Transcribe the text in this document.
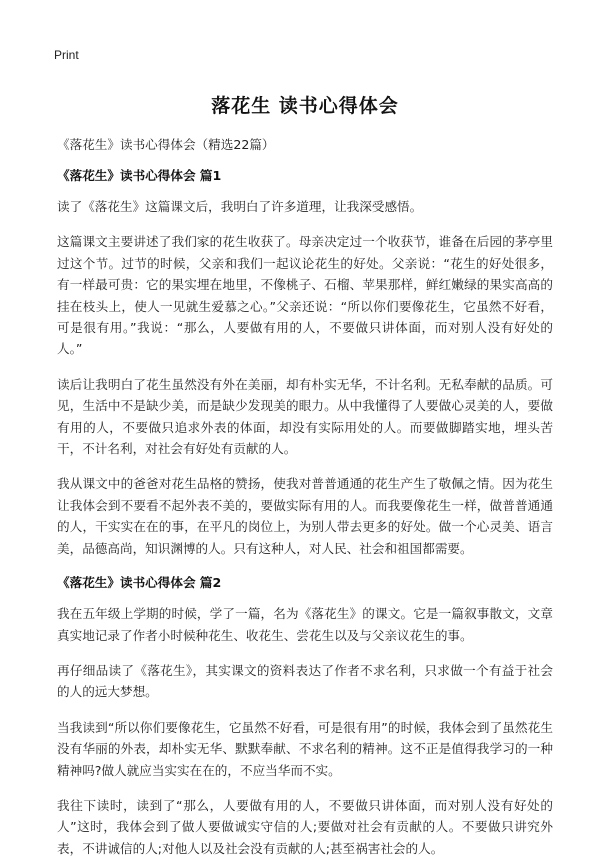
Print
落花生 读书心得体会
《落花生》读书心得体会（精选22篇）
《落花生》读书心得体会 篇1

读了《落花生》这篇课文后，我明白了许多道理，让我深受感悟。

这篇课文主要讲述了我们家的花生收获了。母亲决定过一个收获节，谁备在后园的茅亭里过这个节。过节的时候，父亲和我们一起议论花生的好处。父亲说：“花生的好处很多，有一样最可贵：它的果实埋在地里，不像桃子、石榴、苹果那样，鲜红嫩绿的果实高高的挂在枝头上，使人一见就生爱慕之心。”父亲还说：“所以你们要像花生，它虽然不好看，可是很有用。”我说：“那么，人要做有用的人，不要做只讲体面，而对别人没有好处的人。”

读后让我明白了花生虽然没有外在美丽，却有朴实无华，不计名利。无私奉献的品质。可见，生活中不是缺少美，而是缺少发现美的眼力。从中我懂得了人要做心灵美的人，要做有用的人，不要做只追求外表的体面，却没有实际用处的人。而要做脚踏实地，埋头苦干，不计名利，对社会有好处有贡献的人。

我从课文中的爸爸对花生品格的赞扬，使我对普普通通的花生产生了敬佩之情。因为花生让我体会到不要看不起外表不美的，要做实际有用的人。而我要像花生一样，做普普通通的人，干实实在在的事，在平凡的岗位上，为别人带去更多的好处。做一个心灵美、语言美，品德高尚，知识渊博的人。只有这种人，对人民、社会和祖国都需要。

《落花生》读书心得体会 篇2

我在五年级上学期的时候，学了一篇，名为《落花生》的课文。它是一篇叙事散文，文章真实地记录了作者小时候种花生、收花生、尝花生以及与父亲议花生的事。

再仔细品读了《落花生》，其实课文的资料表达了作者不求名利，只求做一个有益于社会的人的远大梦想。

当我读到“所以你们要像花生，它虽然不好看，可是很有用”的时候，我体会到了虽然花生没有华丽的外表，却朴实无华、默默奉献、不求名利的精神。这不正是值得我学习的一种精神吗?做人就应当实实在在的，不应当华而不实。

我往下读时，读到了“那么，人要做有用的人，不要做只讲体面，而对别人没有好处的人”这时，我体会到了做人要做诚实守信的人;要做对社会有贡献的人。不要做只讲究外表，不讲诚信的人;对他人以及社会没有贡献的人;甚至祸害社会的人。
